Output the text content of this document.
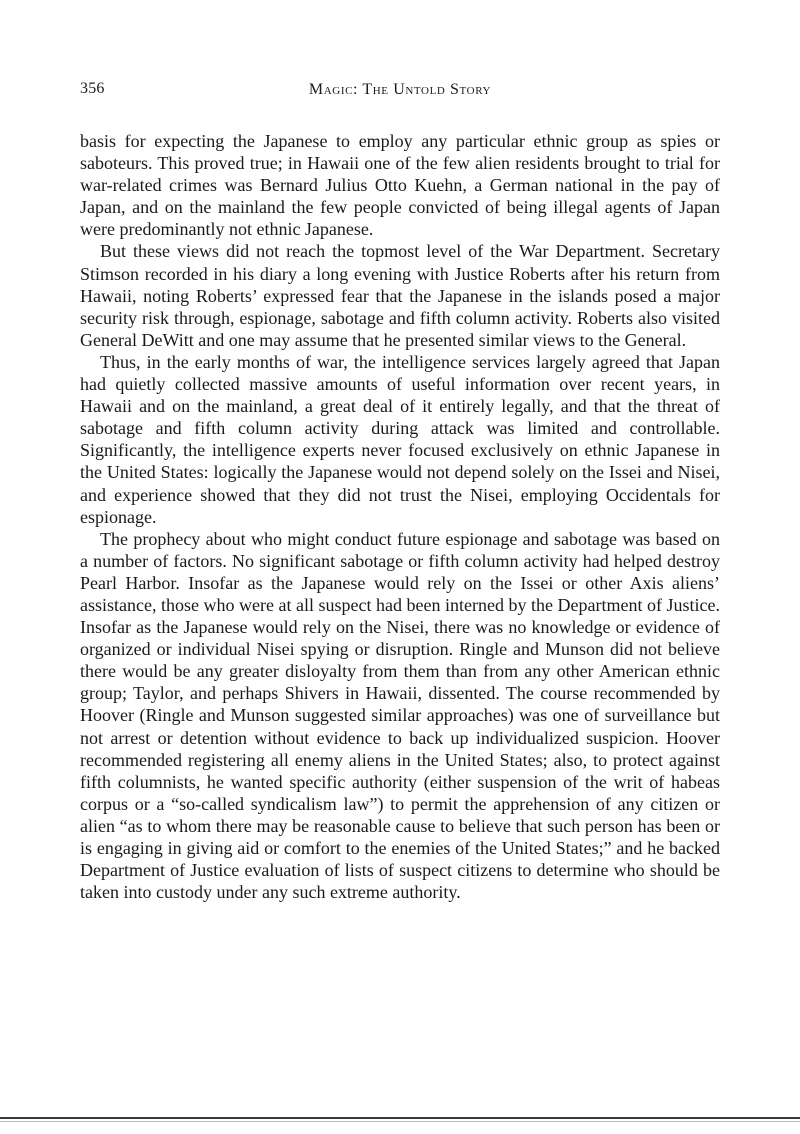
356	Magic: The Untold Story

basis for expecting the Japanese to employ any particular ethnic group as spies or saboteurs. This proved true; in Hawaii one of the few alien residents brought to trial for war-related crimes was Bernard Julius Otto Kuehn, a German national in the pay of Japan, and on the mainland the few people convicted of being illegal agents of Japan were predominantly not ethnic Japanese.

But these views did not reach the topmost level of the War Department. Secretary Stimson recorded in his diary a long evening with Justice Roberts after his return from Hawaii, noting Roberts’ expressed fear that the Japanese in the islands posed a major security risk through, espionage, sabotage and fifth column activity. Roberts also visited General DeWitt and one may assume that he presented similar views to the General.

Thus, in the early months of war, the intelligence services largely agreed that Japan had quietly collected massive amounts of useful information over recent years, in Hawaii and on the mainland, a great deal of it entirely legally, and that the threat of sabotage and fifth column activity during attack was limited and controllable. Significantly, the intelligence experts never focused exclusively on ethnic Japanese in the United States: logically the Japanese would not depend solely on the Issei and Nisei, and experience showed that they did not trust the Nisei, employing Occidentals for espionage.

The prophecy about who might conduct future espionage and sabotage was based on a number of factors. No significant sabotage or fifth column activity had helped destroy Pearl Harbor. Insofar as the Japanese would rely on the Issei or other Axis aliens’ assistance, those who were at all suspect had been interned by the Department of Justice. Insofar as the Japanese would rely on the Nisei, there was no knowledge or evidence of organized or individual Nisei spying or disruption. Ringle and Munson did not believe there would be any greater disloyalty from them than from any other American ethnic group; Taylor, and perhaps Shivers in Hawaii, dissented. The course recommended by Hoover (Ringle and Munson suggested similar approaches) was one of surveillance but not arrest or detention without evidence to back up individualized suspicion. Hoover recommended registering all enemy aliens in the United States; also, to protect against fifth columnists, he wanted specific authority (either suspension of the writ of habeas corpus or a “so-called syndicalism law”) to permit the apprehension of any citizen or alien “as to whom there may be reasonable cause to believe that such person has been or is engaging in giving aid or comfort to the enemies of the United States;” and he backed Department of Justice evaluation of lists of suspect citizens to determine who should be taken into custody under any such extreme authority.
